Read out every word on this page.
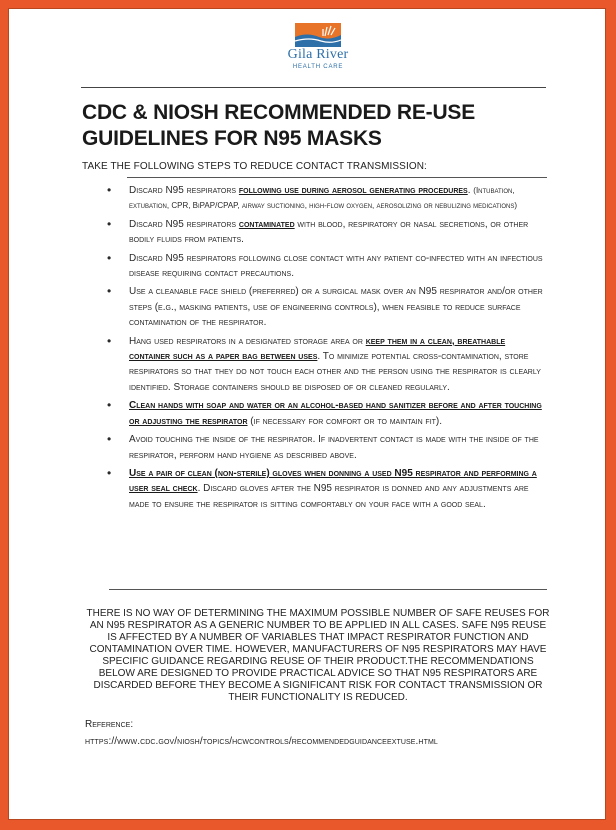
Gila River
HEALTH CARE
CDC & NIOSH RECOMMENDED RE-USE GUIDELINES FOR N95 MASKS
TAKE THE FOLLOWING STEPS TO REDUCE CONTACT TRANSMISSION:
• Discard N95 respirators following use during aerosol generating procedures. (Intubation, extubation, CPR, BiPAP/CPAP, airway suctioning, high-flow oxygen, aerosolizing or nebulizing medications)
• Discard N95 respirators contaminated with blood, respiratory or nasal secretions, or other bodily fluids from patients.
• Discard N95 respirators following close contact with any patient co-infected with an infectious disease requiring contact precautions.
• Use a cleanable face shield (preferred) or a surgical mask over an N95 respirator and/or other steps (e.g., masking patients, use of engineering controls), when feasible to reduce surface contamination of the respirator.
• Hang used respirators in a designated storage area or keep them in a clean, breathable container such as a paper bag between uses. To minimize potential cross-contamination, store respirators so that they do not touch each other and the person using the respirator is clearly identified. Storage containers should be disposed of or cleaned regularly.
• Clean hands with soap and water or an alcohol-based hand sanitizer before and after touching or adjusting the respirator (if necessary for comfort or to maintain fit).
• Avoid touching the inside of the respirator. If inadvertent contact is made with the inside of the respirator, perform hand hygiene as described above.
• Use a pair of clean (non-sterile) gloves when donning a used N95 respirator and performing a user seal check. Discard gloves after the N95 respirator is donned and any adjustments are made to ensure the respirator is sitting comfortably on your face with a good seal.

THERE IS NO WAY OF DETERMINING THE MAXIMUM POSSIBLE NUMBER OF SAFE REUSES FOR AN N95 RESPIRATOR AS A GENERIC NUMBER TO BE APPLIED IN ALL CASES. SAFE N95 REUSE IS AFFECTED BY A NUMBER OF VARIABLES THAT IMPACT RESPIRATOR FUNCTION AND CONTAMINATION OVER TIME. HOWEVER, MANUFACTURERS OF N95 RESPIRATORS MAY HAVE SPECIFIC GUIDANCE REGARDING REUSE OF THEIR PRODUCT.THE RECOMMENDATIONS BELOW ARE DESIGNED TO PROVIDE PRACTICAL ADVICE SO THAT N95 RESPIRATORS ARE DISCARDED BEFORE THEY BECOME A SIGNIFICANT RISK FOR CONTACT TRANSMISSION OR THEIR FUNCTIONALITY IS REDUCED.

Reference:
https://www.cdc.gov/niosh/topics/hcwcontrols/recommendedguidanceextuse.html
